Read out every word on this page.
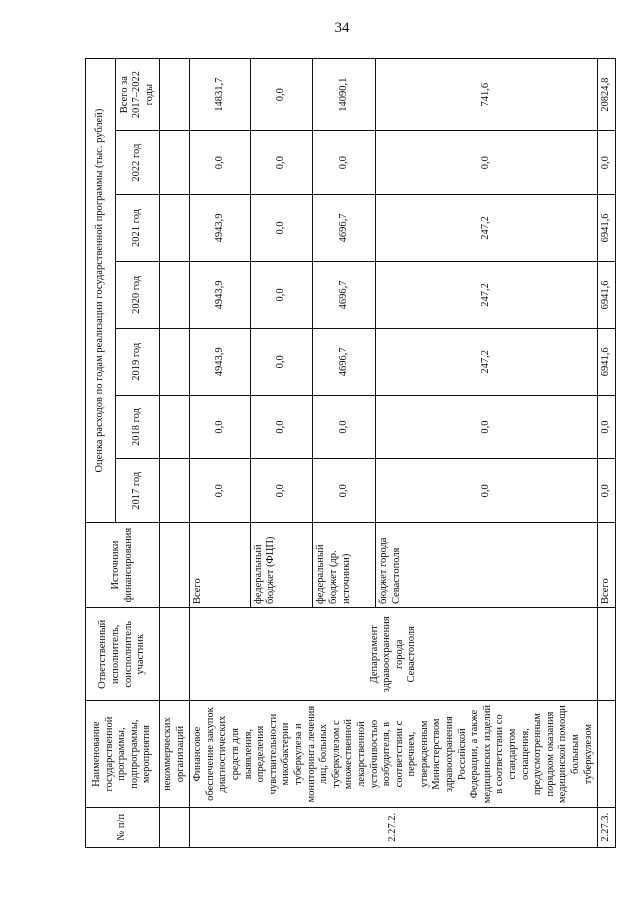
34
№ п/п	Наименование государственной программы, подпрограммы, мероприятия	Ответственный исполнитель, соисполнитель участник	Источники финансирования	Оценка расходов по годам реализации государственной программы (тыс. рублей)						
				2017 год	2018 год	2019 год	2020 год	2021 год	2022 год	Всего за 2017–2022 годы
	некоммерческих организаций									
2.27.2.	Финансовое обеспечение закупок диагностических средств для выявления, определения чувствительности микобактерии туберкулеза и мониторинга лечения лиц, больных туберкулезом с множественной лекарственной устойчивостью возбудителя, в соответствии с перечнем, утвержденным Министерством здравоохранения Российской Федерации, а также медицинских изделий в соответствии со стандартом оснащения, предусмотренным порядком оказания медицинской помощи больным туберкулезом	Департамент здравоохранения города Севастополя	Всего	0,0	0,0	4943,9	4943,9	4943,9	0,0	14831,7
			федеральный бюджет (ФЦП)	0,0	0,0	0,0	0,0	0,0	0,0	0,0
			федеральный бюджет (др. источники)	0,0	0,0	4696,7	4696,7	4696,7	0,0	14090,1
			бюджет города Севастополя	0,0	0,0	247,2	247,2	247,2	0,0	741,6
2.27.3.			Всего	0,0	0,0	6941,6	6941,6	6941,6	0,0	20824,8
